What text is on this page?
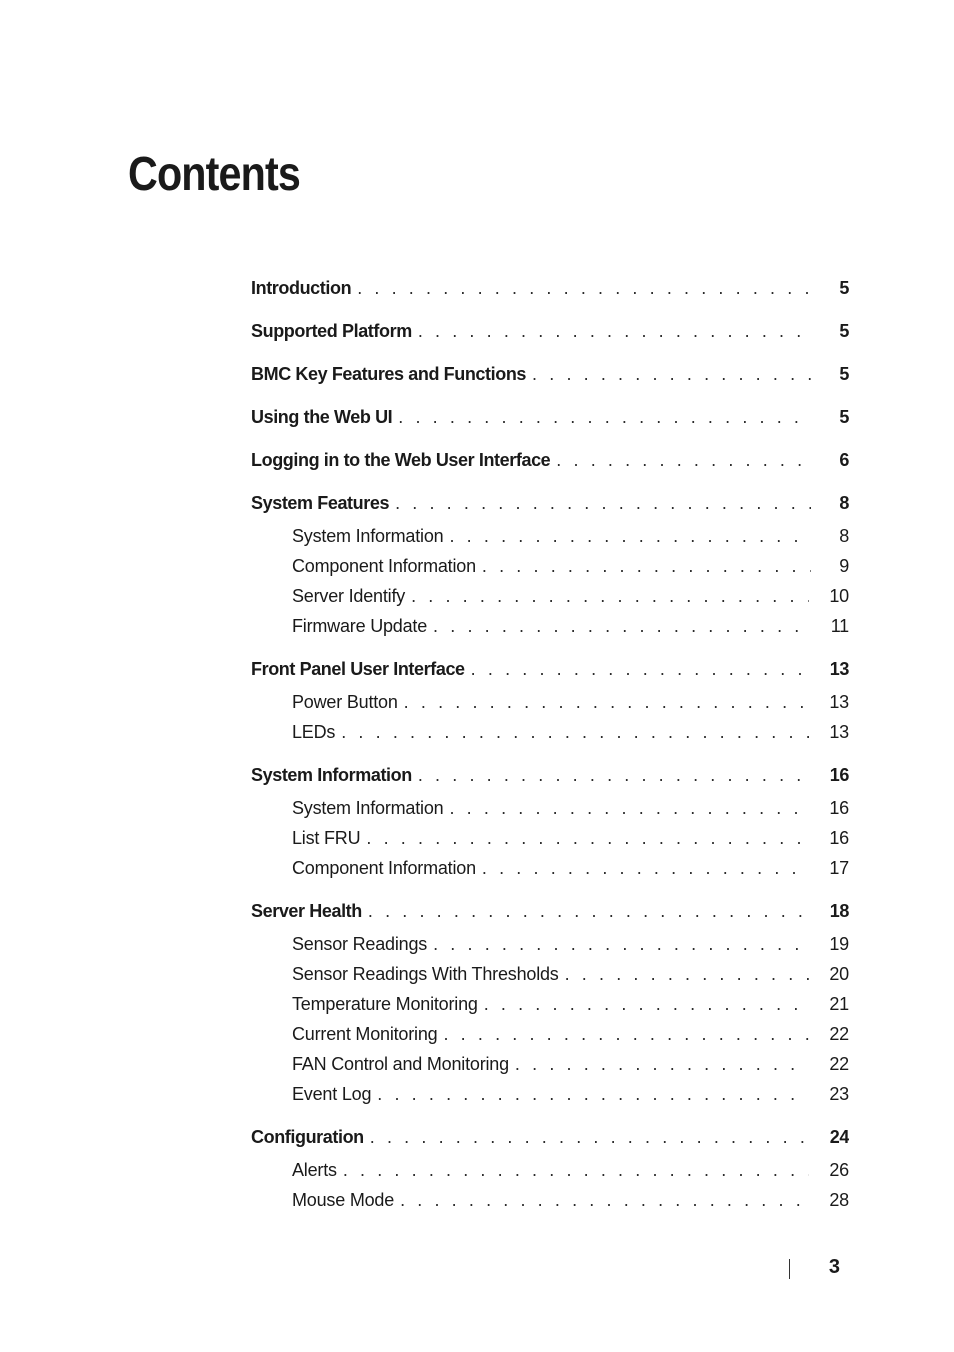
Contents
Introduction . . .	5
Supported Platform . . .	5
BMC Key Features and Functions . . .	5
Using the Web UI . . .	5
Logging in to the Web User Interface . . .	6
System Features . . .	8
System Information . . .	8
Component Information . . .	9
Server Identify . . .	10
Firmware Update . . .	11
Front Panel User Interface . . .	13
Power Button . . .	13
LEDs . . .	13
System Information . . .	16
System Information . . .	16
List FRU . . .	16
Component Information . . .	17
Server Health . . .	18
Sensor Readings . . .	19
Sensor Readings With Thresholds . . .	20
Temperature Monitoring . . .	21
Current Monitoring . . .	22
FAN Control and Monitoring . . .	22
Event Log . . .	23
Configuration . . .	24
Alerts . . .	26
Mouse Mode . . .	28
3
